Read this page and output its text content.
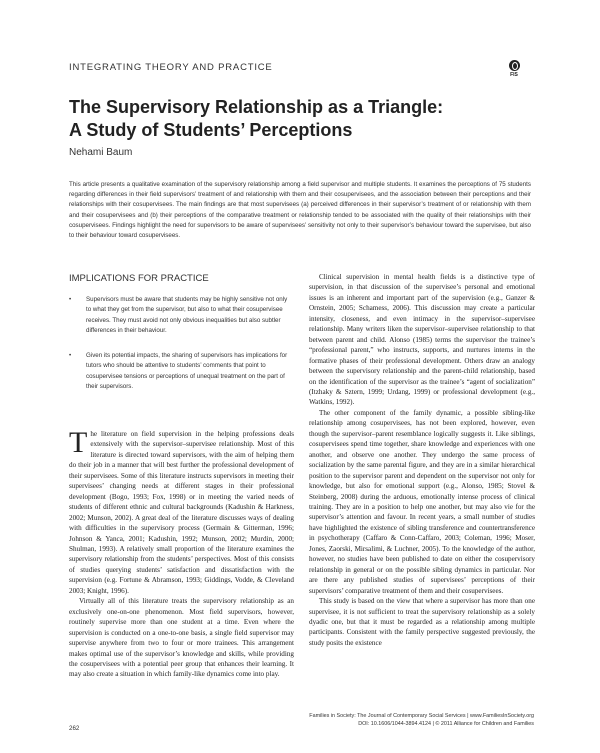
INTEGRATING THEORY AND PRACTICE
FIS
The Supervisory Relationship as a Triangle:
A Study of Students’ Perceptions
Nehami Baum
This article presents a qualitative examination of the supervisory relationship among a field supervisor and multiple students. It examines the perceptions of 75 students regarding differences in their field supervisors’ treatment of and relationship with them and their cosupervisees, and the association between their perceptions and their relationships with their cosupervisees. The main findings are that most supervisees (a) perceived differences in their supervisor’s treatment of or relationship with them and their cosupervisees and (b) their perceptions of the comparative treatment or relationship tended to be associated with the quality of their relationships with their cosupervisees. Findings highlight the need for supervisors to be aware of supervisees’ sensitivity not only to their supervisor’s behaviour toward the supervisee, but also to their behaviour toward cosupervisees.
IMPLICATIONS FOR PRACTICE
• Supervisors must be aware that students may be highly sensitive not only to what they get from the supervisor, but also to what their cosupervisee receives. They must avoid not only obvious inequalities but also subtler differences in their behaviour.
• Given its potential impacts, the sharing of supervisors has implications for tutors who should be attentive to students’ comments that point to cosupervisee tensions or perceptions of unequal treatment on the part of their supervisors.

The literature on field supervision in the helping professions deals extensively with the supervisor–supervisee relationship. Most of this literature is directed toward supervisors, with the aim of helping them do their job in a manner that will best further the professional development of their supervisees. Some of this literature instructs supervisors in meeting their supervisees’ changing needs at different stages in their professional development (Bogo, 1993; Fox, 1998) or in meeting the varied needs of students of different ethnic and cultural backgrounds (Kadushin & Harkness, 2002; Munson, 2002). A great deal of the literature discusses ways of dealing with difficulties in the supervisory process (Germain & Gitterman, 1996; Johnson & Yanca, 2001; Kadushin, 1992; Munson, 2002; Murdin, 2000; Shulman, 1993). A relatively small proportion of the literature examines the supervisory relationship from the students’ perspectives. Most of this consists of studies querying students’ satisfaction and dissatisfaction with the supervision (e.g. Fortune & Abramson, 1993; Giddings, Vodde, & Cleveland 2003; Knight, 1996).

Virtually all of this literature treats the supervisory relationship as an exclusively one-on-one phenomenon. Most field supervisors, however, routinely supervise more than one student at a time. Even where the supervision is conducted on a one-to-one basis, a single field supervisor may supervise anywhere from two to four or more trainees. This arrangement makes optimal use of the supervisor’s knowledge and skills, while providing the cosupervisees with a potential peer group that enhances their learning. It may also create a situation in which family-like dynamics come into play.

Clinical supervision in mental health fields is a distinctive type of supervision, in that discussion of the supervisee’s personal and emotional issues is an inherent and important part of the supervision (e.g., Ganzer & Ornstein, 2005; Schamess, 2006). This discussion may create a particular intensity, closeness, and even intimacy in the supervisor–supervisee relationship. Many writers liken the supervisor–supervisee relationship to that between parent and child. Alonso (1985) terms the supervisor the trainee’s “professional parent,” who instructs, supports, and nurtures interns in the formative phases of their professional development. Others draw an analogy between the supervisory relationship and the parent-child relationship, based on the identification of the supervisor as the trainee’s “agent of socialization” (Itzhaky & Sztern, 1999; Urdang, 1999) or professional development (e.g., Watkins, 1992).

The other component of the family dynamic, a possible sibling-like relationship among cosupervisees, has not been explored, however, even though the supervisor–parent resemblance logically suggests it. Like siblings, cosupervisees spend time together, share knowledge and experiences with one another, and observe one another. They undergo the same process of socialization by the same parental figure, and they are in a similar hierarchical position to the supervisor parent and dependent on the supervisor not only for knowledge, but also for emotional support (e.g., Alonso, 1985; Stovel & Steinberg, 2008) during the arduous, emotionally intense process of clinical training. They are in a position to help one another, but may also vie for the supervisor’s attention and favour. In recent years, a small number of studies have highlighted the existence of sibling transference and countertransference in psychotherapy (Caffaro & Conn-Caffaro, 2003; Coleman, 1996; Moser, Jones, Zaorski, Mirsalimi, & Luchner, 2005). To the knowledge of the author, however, no studies have been published to date on either the cosupervisory relationship in general or on the possible sibling dynamics in particular. Nor are there any published studies of supervisees’ perceptions of their supervisors’ comparative treatment of them and their cosupervisees.

This study is based on the view that where a supervisor has more than one supervisee, it is not sufficient to treat the supervisory relationship as a solely dyadic one, but that it must be regarded as a relationship among multiple participants. Consistent with the family perspective suggested previously, the study posits the existence

262
Families in Society: The Journal of Contemporary Social Services | www.FamiliesInSociety.org
DOI: 10.1606/1044-3894.4124 | © 2011 Alliance for Children and Families
